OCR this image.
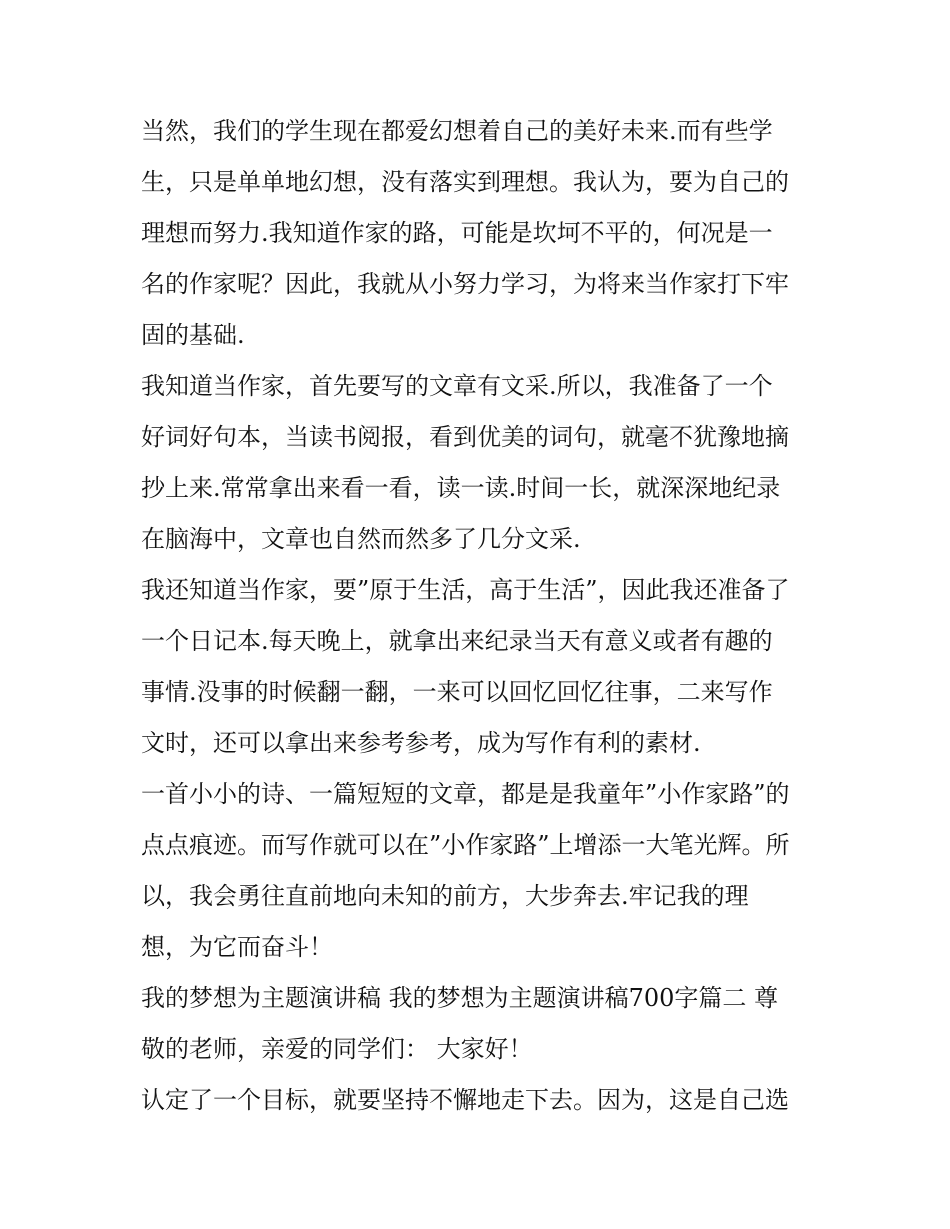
当然，我们的学生现在都爱幻想着自己的美好未来.而有些学
生，只是单单地幻想，没有落实到理想。我认为，要为自己的
理想而努力.我知道作家的路，可能是坎坷不平的，何况是一
名的作家呢？因此，我就从小努力学习，为将来当作家打下牢
固的基础.
我知道当作家，首先要写的文章有文采.所以，我准备了一个
好词好句本，当读书阅报，看到优美的词句，就毫不犹豫地摘
抄上来.常常拿出来看一看，读一读.时间一长，就深深地纪录
在脑海中，文章也自然而然多了几分文采.
我还知道当作家，要”原于生活，高于生活”，因此我还准备了
一个日记本.每天晚上，就拿出来纪录当天有意义或者有趣的
事情.没事的时候翻一翻，一来可以回忆回忆往事，二来写作
文时，还可以拿出来参考参考，成为写作有利的素材.
一首小小的诗、一篇短短的文章，都是是我童年”小作家路”的
点点痕迹。而写作就可以在”小作家路”上增添一大笔光辉。所
以，我会勇往直前地向未知的前方，大步奔去.牢记我的理
想，为它而奋斗！
我的梦想为主题演讲稿 我的梦想为主题演讲稿700字篇二 尊
敬的老师，亲爱的同学们： 大家好！
认定了一个目标，就要坚持不懈地走下去。因为，这是自己选
